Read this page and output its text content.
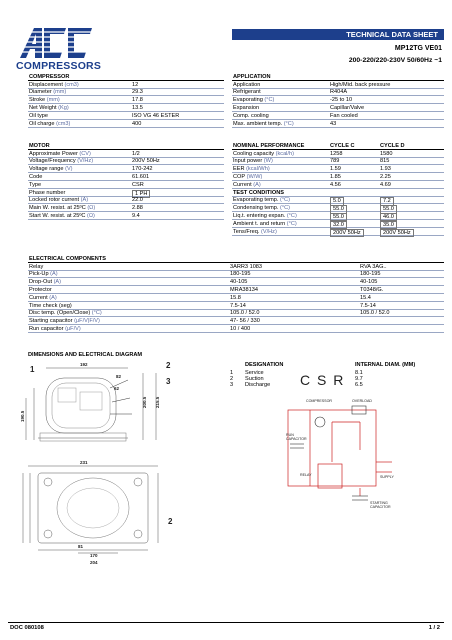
COMPRESSORS
TECHNICAL DATA SHEET
MP12TG VE01
200-220/220-230V 50/60Hz ~1
COMPRESSOR
Displacement (cm3)	12
Diameter (mm)	29.3
Stroke (mm)	17.8
Net Weight (Kg)	13.5
Oil type	ISO VG 46 ESTER
Oil charge (cm3)	400
MOTOR
Approximate Power (CV)	1/2
Voltage/Frequency (V/Hz)	200V 50Hz
Voltage range (V)	170-242
Code	61.601
Type	CSR
Phase number	1 PH
Locked rotor current (A)	22.0
Main W. resist. at 25ºC (Ω)	2.88
Start W. resist. at 25ºC (Ω)	9.4
APPLICATION
Application	High/Mid. back pressure
Refrigerant	R404A
Evaporating (°C)	-25 to 10
Expansion	Capillar/Valve
Comp. cooling	Fan cooled
Max. ambient temp. (°C)	43
NOMINAL PERFORMANCE	CYCLE C	CYCLE D
Cooling capacity (kcal/h)	1258	1580
Input power (W)	789	815
EER (kcal/Wh)	1.59	1.93
COP (W/W)	1.85	2.25
Current (A)	4.56	4.69
TEST CONDITIONS
Evaporating temp. (°C)	5.0	7.2
Condensing temp. (°C)	55.0	55.0
Liq.t. entering expan. (°C)	55.0	46.0
Ambient t. and return (°C)	32.0	35.0
Tens/Freq. (V/Hz)	200V 50Hz	200V 50Hz
ELECTRICAL COMPONENTS
Relay	3ARR3 1083	RVA 3AG..
Pick-Up (A)	180-195	180-195
Drop-Out (A)	40-105	40-105
Protector	MRA38134	T0348/G.
Current (A)	15.8	15.4
Time check (seg)	7.5-14	7.5-14
Disc temp. (Open/Close) (°C)	105.0 / 52.0	105.0 / 52.0
Starting capacitor (μF/V|F/V)	47- 56 / 330
Run capacitor (μF/V)	10 / 400
DIMENSIONS AND ELECTRICAL DIAGRAM
192
200.5 215.5
190.5
82
62
231
81
170
204
1	2
3
2
DESIGNATION	INTERNAL DIAM. (MM)
1 Service	8.1
2 Suction	9.7
3 Discharge	6.5
C S R
COMPRESSOR	OVERLOAD
RUN
CAPACITOR
RELAY	SUPPLY
STARTING
CAPACITOR
DOC 080108	1 / 2
